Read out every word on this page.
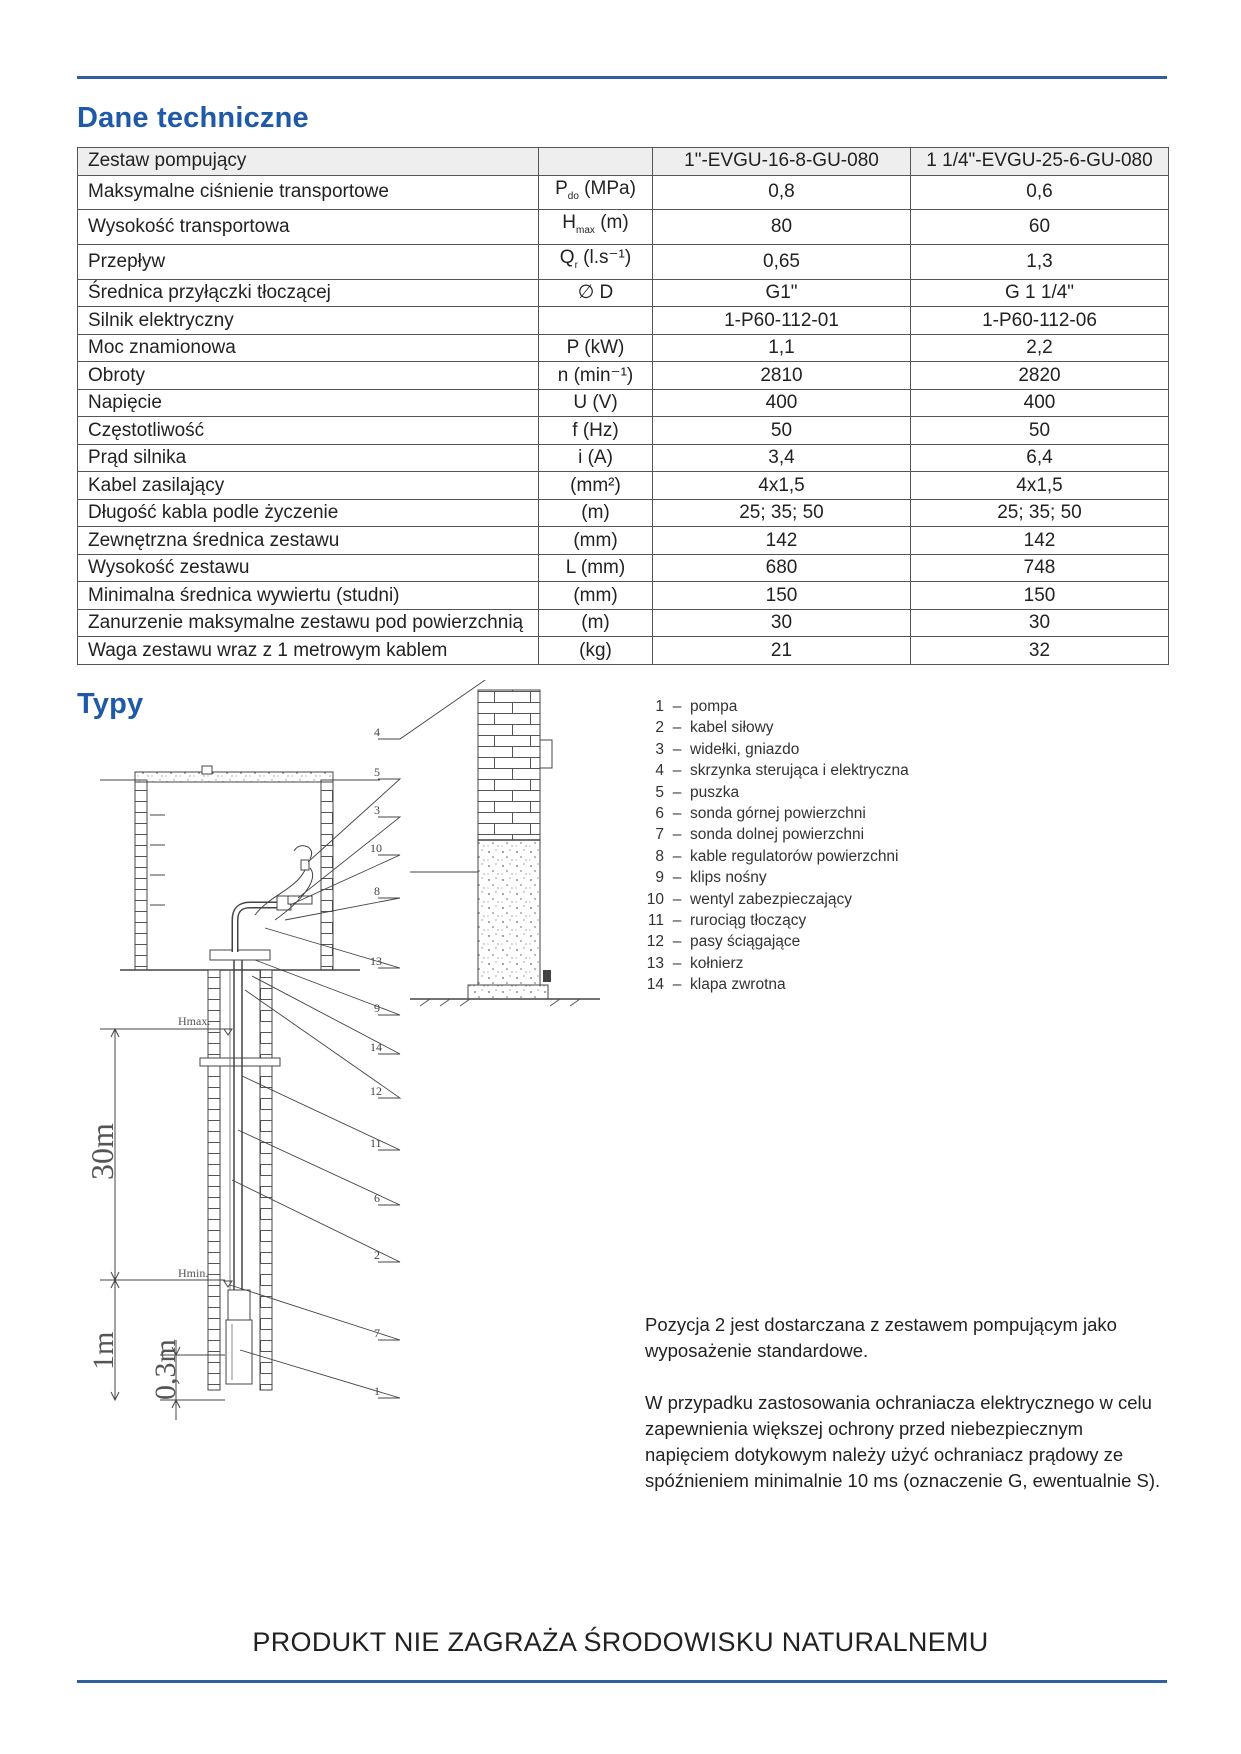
Dane techniczne
Zestaw pompujący		1"-EVGU-16-8-GU-080	1 1/4"-EVGU-25-6-GU-080
Maksymalne ciśnienie transportowe	$P_{do}$ (MPa)	0,8	0,6
Wysokość transportowa	$H_{max}$ (m)	80	60
Przepływ	$Q_r$ (l.s⁻¹)	0,65	1,3
Średnica przyłączki tłoczącej	∅ D	G1"	G 1 1/4"
Silnik elektryczny		1-P60-112-01	1-P60-112-06
Moc znamionowa	P (kW)	1,1	2,2
Obroty	n (min⁻¹)	2810	2820
Napięcie	U (V)	400	400
Częstotliwość	f (Hz)	50	50
Prąd silnika	i (A)	3,4	6,4
Kabel zasilający	(mm²)	4x1,5	4x1,5
Długość kabla podle życzenie	(m)	25; 35; 50	25; 35; 50
Zewnętrzna średnica zestawu	(mm)	142	142
Wysokość zestawu	L (mm)	680	748
Minimalna średnica wywiertu (studni)	(mm)	150	150
Zanurzenie maksymalne zestawu pod powierzchnią	(m)	30	30
Waga zestawu wraz z 1 metrowym kablem	(kg)	21	32
Typy
Hmax.
Hmin.
30m
1m 0,3m
4
5
3
10
8
13
9
14
12
11
6
2
7
1
1 – pompa
2 – kabel siłowy
3 – widełki, gniazdo
4 – skrzynka sterująca i elektryczna
5 – puszka
6 – sonda górnej powierzchni
7 – sonda dolnej powierzchni
8 – kable regulatorów powierzchni
9 – klips nośny
10 – wentyl zabezpieczający
11 – rurociąg tłoczący
12 – pasy ściągające
13 – kołnierz
14 – klapa zwrotna

Pozycja 2 jest dostarczana z zestawem pompującym jako wyposażenie standardowe.

W przypadku zastosowania ochraniacza elektrycznego w celu zapewnienia większej ochrony przed niebezpiecznym napięciem dotykowym należy użyć ochraniacz prądowy ze spóźnieniem minimalnie 10 ms (oznaczenie G, ewentualnie S).

PRODUKT NIE ZAGRAŻA ŚRODOWISKU NATURALNEMU
